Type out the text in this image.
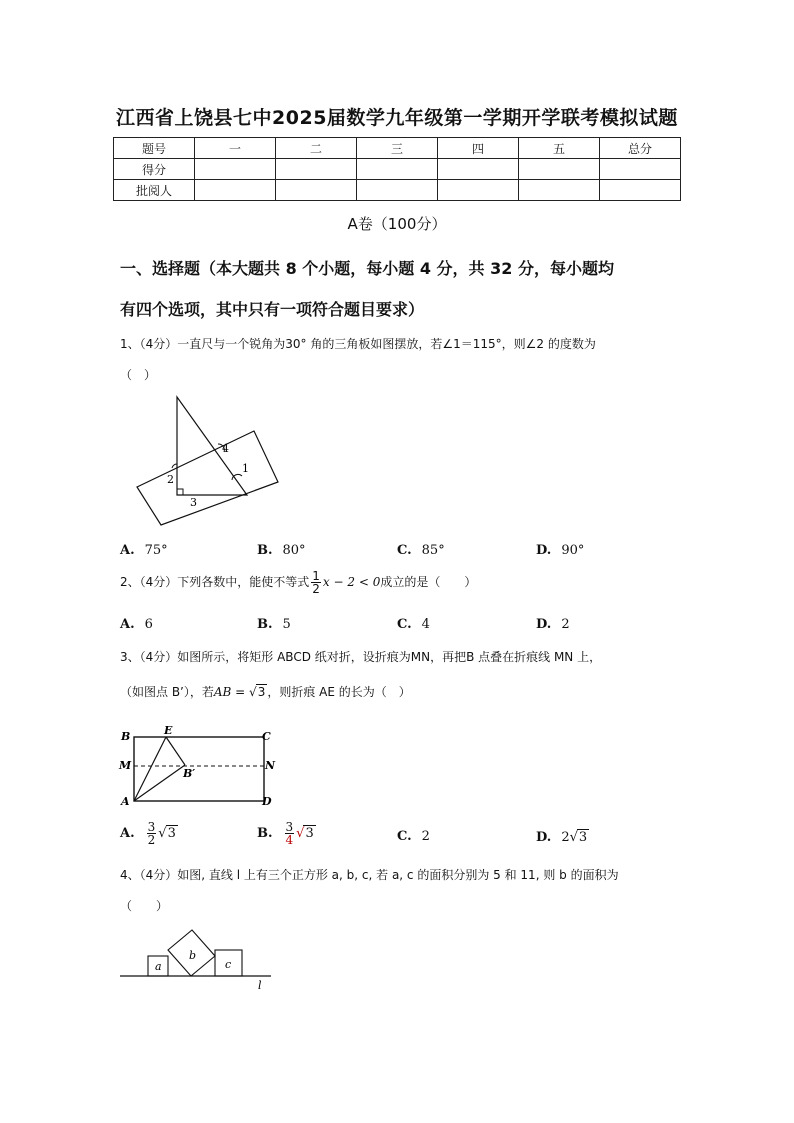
江西省上饶县七中2025届数学九年级第一学期开学联考模拟试题
题号	一	二	三	四	五	总分
得分						
批阅人						
A卷（100分）
一、选择题（本大题共 8 个小题，每小题 4 分，共 32 分，每小题均
有四个选项，其中只有一项符合题目要求）
1、（4分）一直尺与一个锐角为30° 角的三角板如图摆放，若∠1＝115°，则∠2 的度数为
（　）
4
1
2
3
A. 75°	B. 80°	C. 85°	D. 90°
2、（4分）下列各数中，能使不等式 $\frac{1}{2}$ x − 2 < 0成立的是（　　）
A. 6	B. 5	C. 4	D. 2
3、（4分）如图所示，将矩形 ABCD 纸对折，设折痕为MN，再把B 点叠在折痕线 MN 上，
（如图点 B’），若AB = √3 ，则折痕 AE 的长为（　）
B	E	C
M	N
B′
A	D
A. $\frac{3}{2} √3$	B. $\frac{3}{4} √3$	C. 2	D. 2√3
4、（4分）如图, 直线 l 上有三个正方形 a, b, c, 若 a, c 的面积分别为 5 和 11, 则 b 的面积为
（　　）
a
b
c
l
